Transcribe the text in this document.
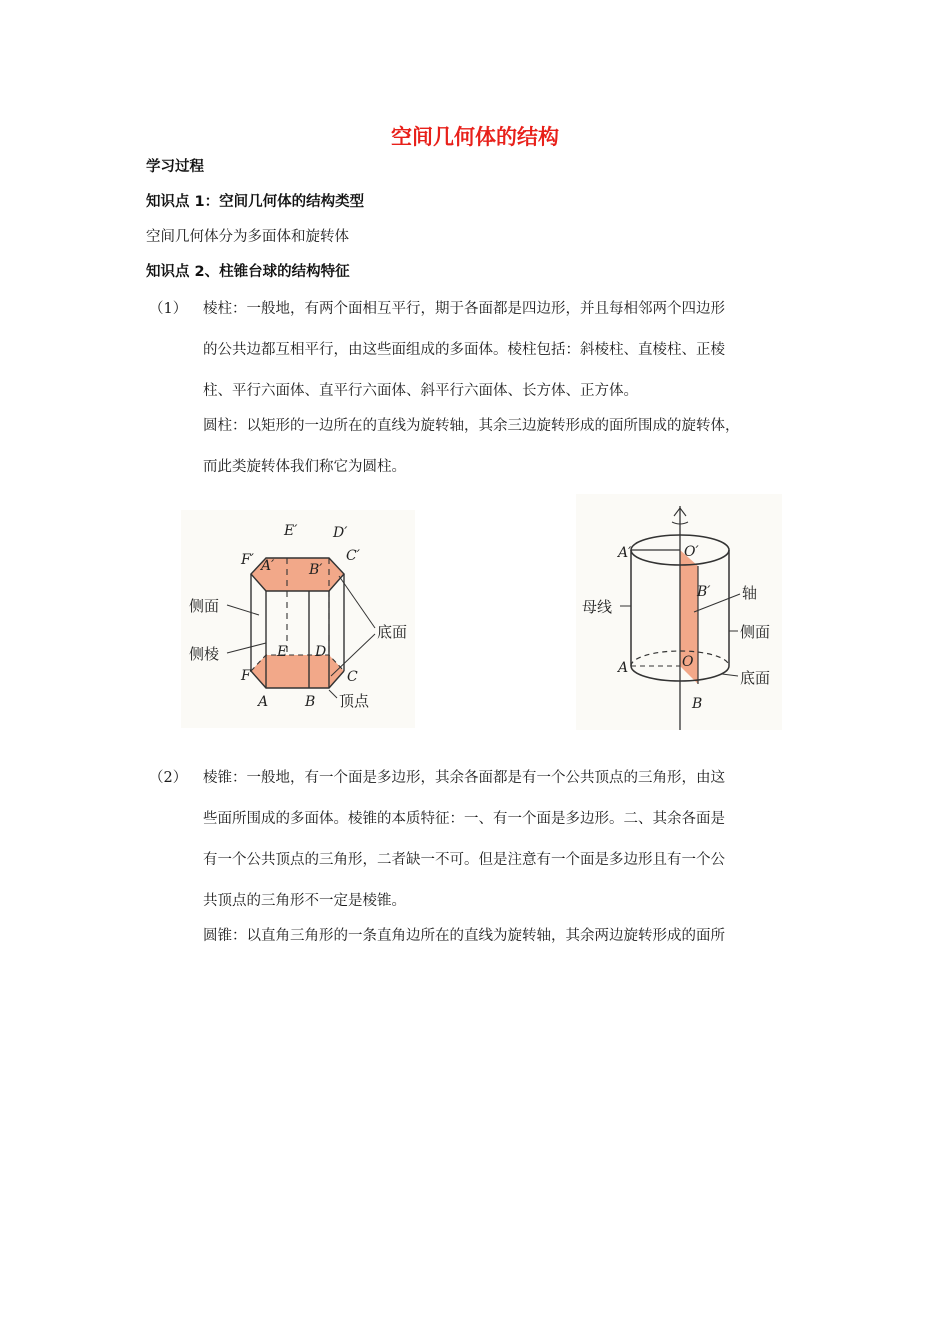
空间几何体的结构
学习过程
知识点 1：空间几何体的结构类型
空间几何体分为多面体和旋转体
知识点 2、柱锥台球的结构特征
（1） 棱柱：一般地，有两个面相互平行，期于各面都是四边形，并且每相邻两个四边形
的公共边都互相平行，由这些面组成的多面体。棱柱包括：斜棱柱、直棱柱、正棱
柱、平行六面体、直平行六面体、斜平行六面体、长方体、正方体。
圆柱：以矩形的一边所在的直线为旋转轴，其余三边旋转形成的面所围成的旋转体，
而此类旋转体我们称它为圆柱。
E′	D′
F′ A′ B′
C′
E D
F	C
A	B
侧面
侧棱
底面
顶点
A′	O′
B′
A	O
B
母线
轴
侧面
底面
（2） 棱锥：一般地，有一个面是多边形，其余各面都是有一个公共顶点的三角形，由这
些面所围成的多面体。棱锥的本质特征：一、有一个面是多边形。二、其余各面是
有一个公共顶点的三角形，二者缺一不可。但是注意有一个面是多边形且有一个公
共顶点的三角形不一定是棱锥。
圆锥：以直角三角形的一条直角边所在的直线为旋转轴，其余两边旋转形成的面所
